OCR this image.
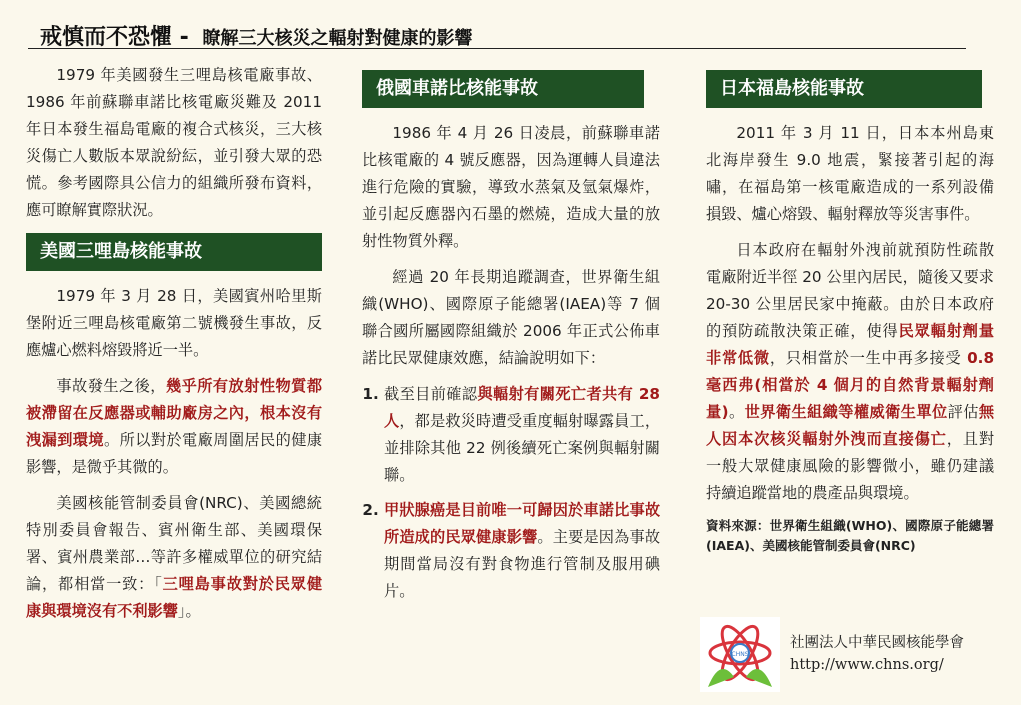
戒慎而不恐懼 - 瞭解三大核災之輻射對健康的影響

1979 年美國發生三哩島核電廠事故、1986 年前蘇聯車諾比核電廠災難及 2011 年日本發生福島電廠的複合式核災，三大核災傷亡人數版本眾說紛紜，並引發大眾的恐慌。參考國際具公信力的組織所發布資料，應可瞭解實際狀況。

美國三哩島核能事故

1979 年 3 月 28 日，美國賓州哈里斯堡附近三哩島核電廠第二號機發生事故，反應爐心燃料熔毀將近一半。

事故發生之後，幾乎所有放射性物質都被滯留在反應器或輔助廠房之內，根本沒有洩漏到環境。所以對於電廠周圍居民的健康影響，是微乎其微的。

美國核能管制委員會(NRC)、美國總統特別委員會報告、賓州衛生部、美國環保署、賓州農業部…等許多權威單位的研究結論，都相當一致：「三哩島事故對於民眾健康與環境沒有不利影響」。

俄國車諾比核能事故

1986 年 4 月 26 日凌晨，前蘇聯車諾比核電廠的 4 號反應器，因為運轉人員違法進行危險的實驗，導致水蒸氣及氫氣爆炸，並引起反應器內石墨的燃燒，造成大量的放射性物質外釋。

經過 20 年長期追蹤調查，世界衛生組織(WHO)、國際原子能總署(IAEA)等 7 個聯合國所屬國際組織於 2006 年正式公佈車諾比民眾健康效應，結論說明如下：

1. 截至目前確認與輻射有關死亡者共有 28 人，都是救災時遭受重度輻射曝露員工，並排除其他 22 例後續死亡案例與輻射關聯。
2. 甲狀腺癌是目前唯一可歸因於車諾比事故所造成的民眾健康影響。主要是因為事故期間當局沒有對食物進行管制及服用碘片。
日本福島核能事故

2011 年 3 月 11 日，日本本州島東北海岸發生 9.0 地震，緊接著引起的海嘯，在福島第一核電廠造成的一系列設備損毀、爐心熔毀、輻射釋放等災害事件。

日本政府在輻射外洩前就預防性疏散電廠附近半徑 20 公里內居民，隨後又要求 20-30 公里居民家中掩蔽。由於日本政府的預防疏散決策正確，使得民眾輻射劑量非常低微，只相當於一生中再多接受 0.8 毫西弗(相當於 4 個月的自然背景輻射劑量)。世界衛生組織等權威衛生單位評估無人因本次核災輻射外洩而直接傷亡，且對一般大眾健康風險的影響微小，雖仍建議持續追蹤當地的農產品與環境。

資料來源：世界衛生組織(WHO)、國際原子能總署(IAEA)、美國核能管制委員會(NRC)

CHNS
社團法人中華民國核能學會
http://www.chns.org/
